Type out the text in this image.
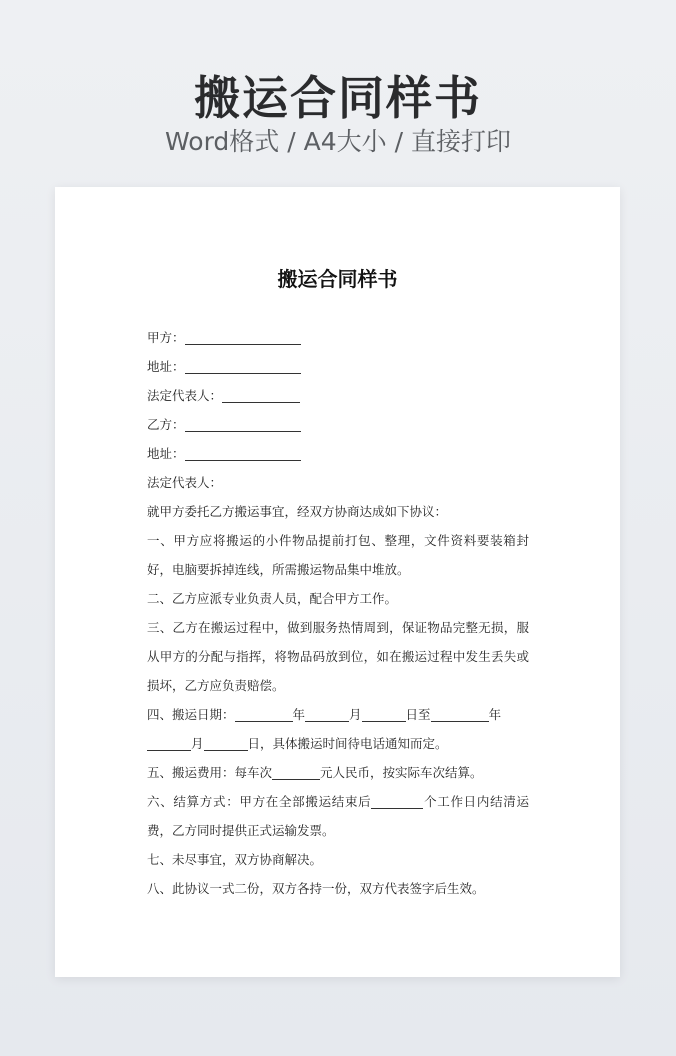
搬运合同样书
Word格式 / A4大小 / 直接打印
搬运合同样书
甲方：
地址：
法定代表人：
乙方：
地址：
法定代表人：
就甲方委托乙方搬运事宜，经双方协商达成如下协议：
一、甲方应将搬运的小件物品提前打包、整理，文件资料要装箱封好，电脑要拆掉连线，所需搬运物品集中堆放。
二、乙方应派专业负责人员，配合甲方工作。
三、乙方在搬运过程中，做到服务热情周到，保证物品完整无损，服从甲方的分配与指挥，将物品码放到位，如在搬运过程中发生丢失或损坏，乙方应负责赔偿。
四、搬运日期：	年	月	日至	年
月	日，具体搬运时间待电话通知而定。
五、搬运费用：每车次	元人民币，按实际车次结算。
六、结算方式：甲方在全部搬运结束后	个工作日内结清运费，乙方同时提供正式运输发票。
七、未尽事宜，双方协商解决。
八、此协议一式二份，双方各持一份，双方代表签字后生效。
